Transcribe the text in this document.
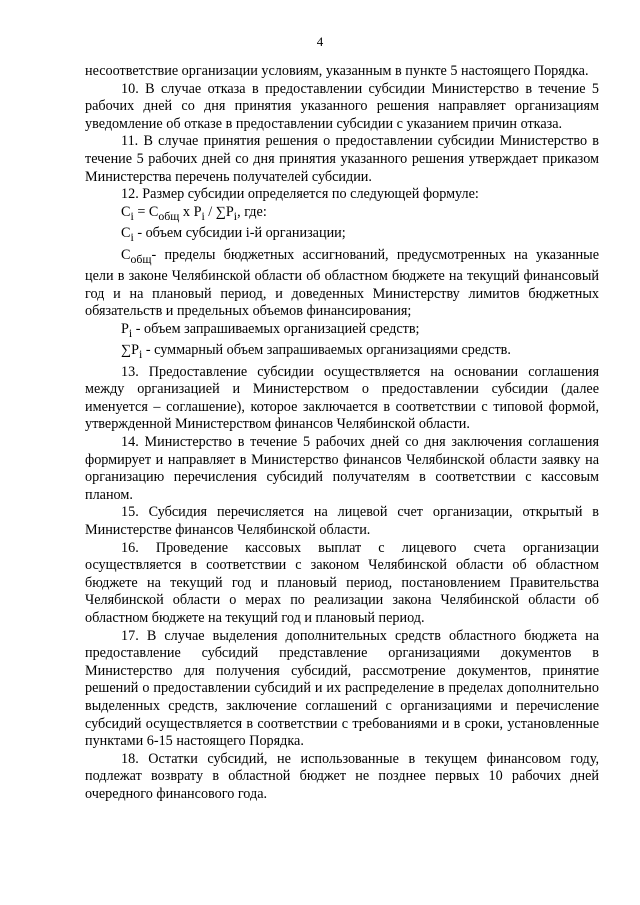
4

несоответствие организации условиям, указанным в пункте 5 настоящего Порядка.

10. В случае отказа в предоставлении субсидии Министерство в течение 5 рабочих дней со дня принятия указанного решения направляет организациям уведомление об отказе в предоставлении субсидии с указанием причин отказа.

11. В случае принятия решения о предоставлении субсидии Министерство в течение 5 рабочих дней со дня принятия указанного решения утверждает приказом Министерства перечень получателей субсидии.

12. Размер субсидии определяется по следующей формуле:

$C_i = C_{общ}$ x $P_i / \sum P_i$, где:

$C_i$ - объем субсидии i-й организации;

$C_{общ}-$ пределы бюджетных ассигнований, предусмотренных на указанные цели в законе Челябинской области об областном бюджете на текущий финансовый год и на плановый период, и доведенных Министерству лимитов бюджетных обязательств и предельных объемов финансирования;

$P_i$ - объем запрашиваемых организацией средств;

$\sum P_i$ - суммарный объем запрашиваемых организациями средств.

13. Предоставление субсидии осуществляется на основании соглашения между организацией и Министерством о предоставлении субсидии (далее именуется – соглашение), которое заключается в соответствии с типовой формой, утвержденной Министерством финансов Челябинской области.

14. Министерство в течение 5 рабочих дней со дня заключения соглашения формирует и направляет в Министерство финансов Челябинской области заявку на организацию перечисления субсидий получателям в соответствии с кассовым планом.

15. Субсидия перечисляется на лицевой счет организации, открытый в Министерстве финансов Челябинской области.

16. Проведение кассовых выплат с лицевого счета организации осуществляется в соответствии с законом Челябинской области об областном бюджете на текущий год и плановый период, постановлением Правительства Челябинской области о мерах по реализации закона Челябинской области об областном бюджете на текущий год и плановый период.

17. В случае выделения дополнительных средств областного бюджета на предоставление субсидий представление организациями документов в Министерство для получения субсидий, рассмотрение документов, принятие решений о предоставлении субсидий и их распределение в пределах дополнительно выделенных средств, заключение соглашений с организациями и перечисление субсидий осуществляется в соответствии с требованиями и в сроки, установленные пунктами 6-15 настоящего Порядка.

18. Остатки субсидий, не использованные в текущем финансовом году, подлежат возврату в областной бюджет не позднее первых 10 рабочих дней очередного финансового года.
